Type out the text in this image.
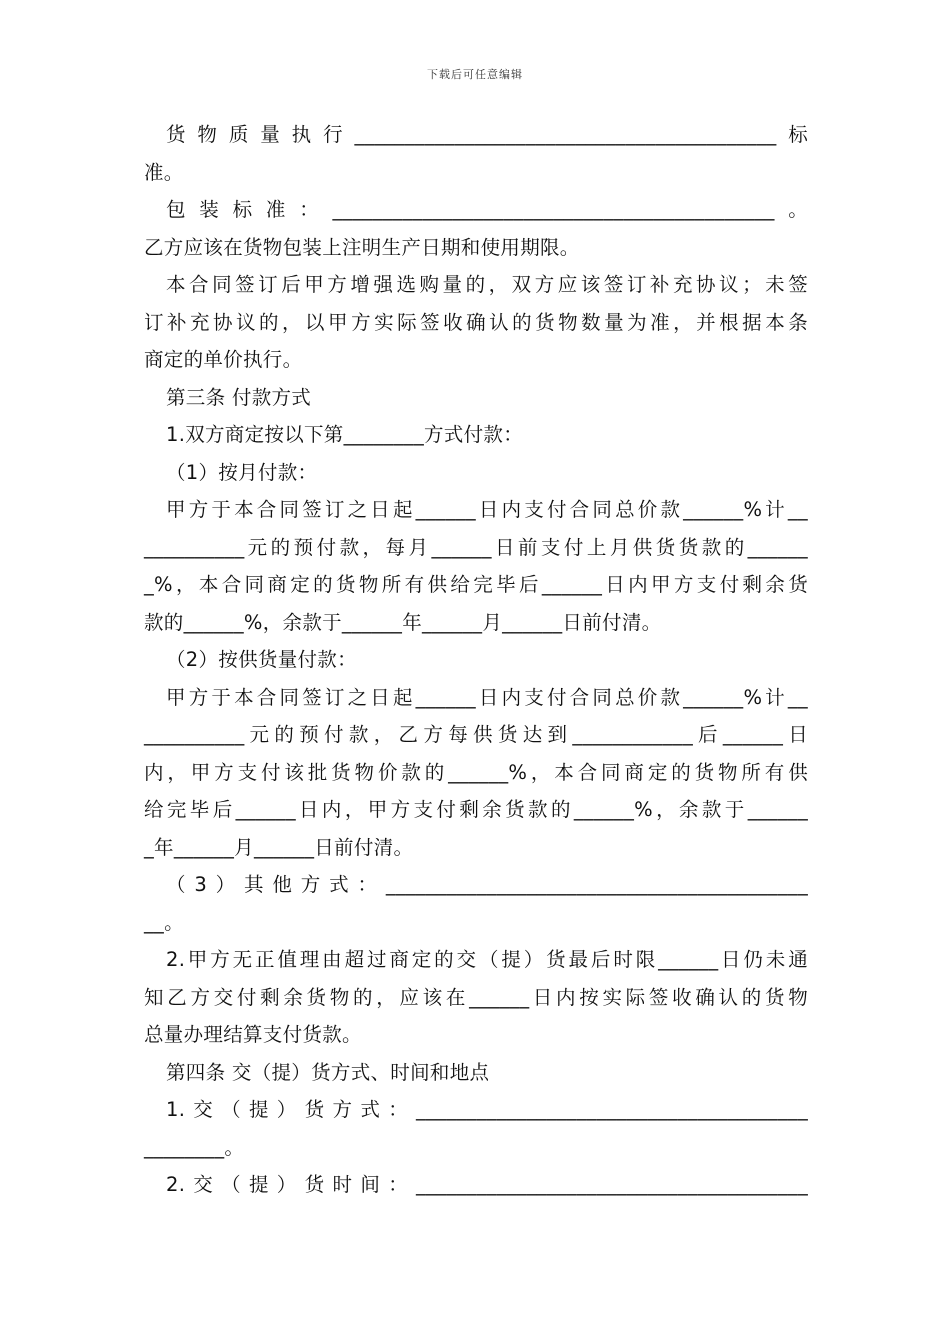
下载后可任意编辑
货物质量执行__________________________________________标
准。
包装标准：____________________________________________。
乙方应该在货物包装上注明生产日期和使用期限。
本合同签订后甲方增强选购量的，双方应该签订补充协议；未签
订补充协议的，以甲方实际签收确认的货物数量为准，并根据本条
商定的单价执行。
第三条 付款方式
1.双方商定按以下第________方式付款：
（1）按月付款：
甲方于本合同签订之日起______日内支付合同总价款______%计__
__________元的预付款，每月______日前支付上月供货货款的______
_%，本合同商定的货物所有供给完毕后______日内甲方支付剩余货
款的______%，余款于______年______月______日前付清。
（2）按供货量付款：
甲方于本合同签订之日起______日内支付合同总价款______%计__
__________元的预付款，乙方每供货达到____________后______日
内，甲方支付该批货物价款的______%，本合同商定的货物所有供
给完毕后______日内，甲方支付剩余货款的______%，余款于______
_年______月______日前付清。
（3）其他方式：__________________________________________
__。
2.甲方无正值理由超过商定的交（提）货最后时限______日仍未通
知乙方交付剩余货物的，应该在______日内按实际签收确认的货物
总量办理结算支付货款。
第四条 交（提）货方式、时间和地点
1.交（提）货方式：_______________________________________
________。
2.交（提）货时间：_______________________________________
